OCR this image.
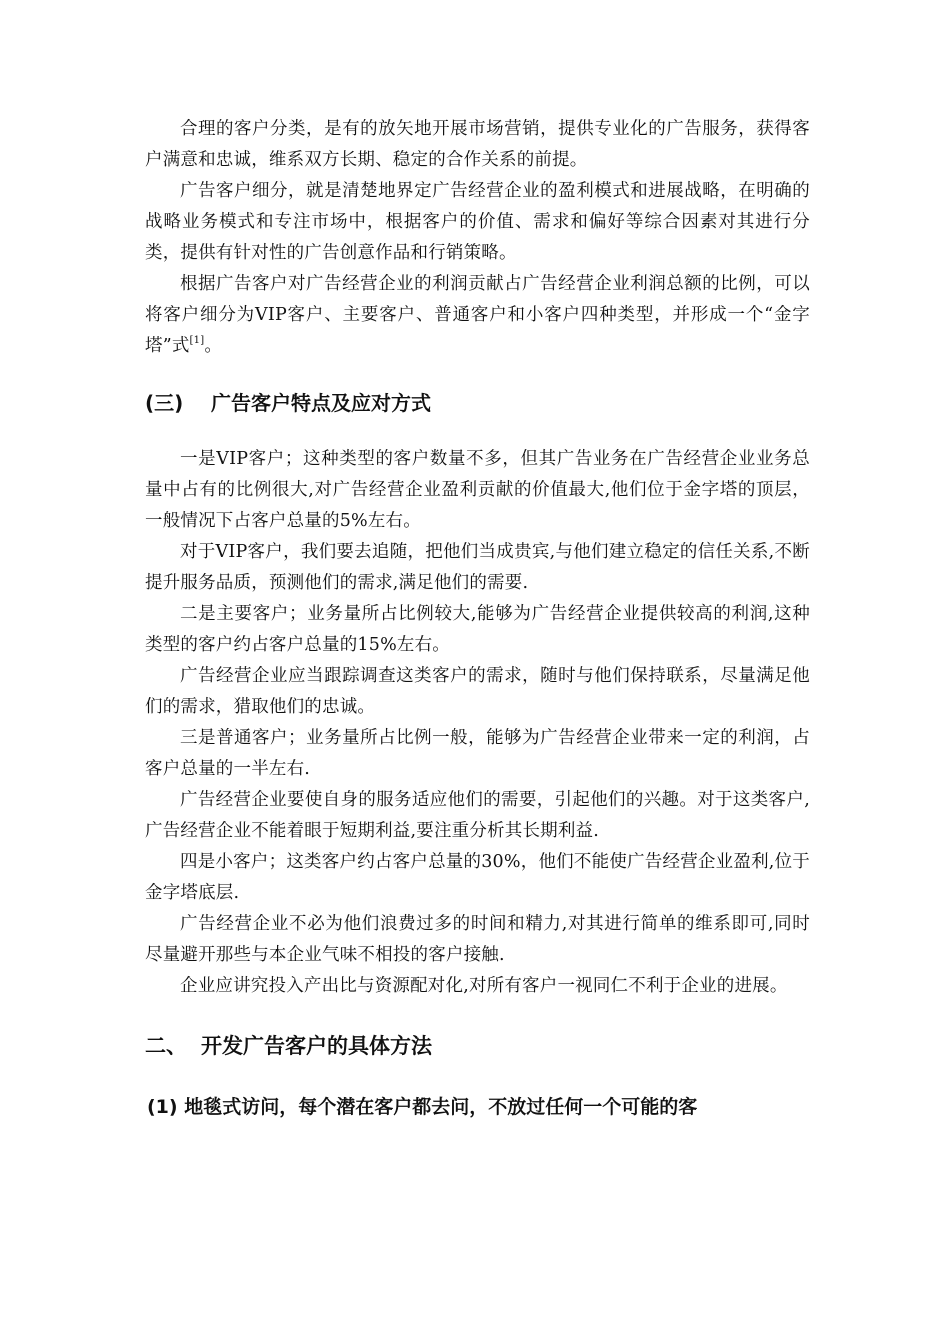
合理的客户分类，是有的放矢地开展市场营销，提供专业化的广告服务，获得客户满意和忠诚，维系双方长期、稳定的合作关系的前提。

广告客户细分，就是清楚地界定广告经营企业的盈利模式和进展战略，在明确的战略业务模式和专注市场中，根据客户的价值、需求和偏好等综合因素对其进行分类，提供有针对性的广告创意作品和行销策略。

根据广告客户对广告经营企业的利润贡献占广告经营企业利润总额的比例，可以将客户细分为VIP客户、主要客户、普通客户和小客户四种类型，并形成一个“金字塔”式[1]。

(三) 广告客户特点及应对方式

一是VIP客户；这种类型的客户数量不多，但其广告业务在广告经营企业业务总量中占有的比例很大,对广告经营企业盈利贡献的价值最大,他们位于金字塔的顶层，一般情况下占客户总量的5%左右。

对于VIP客户，我们要去追随，把他们当成贵宾,与他们建立稳定的信任关系,不断提升服务品质，预测他们的需求,满足他们的需要.

二是主要客户；业务量所占比例较大,能够为广告经营企业提供较高的利润,这种类型的客户约占客户总量的15%左右。

广告经营企业应当跟踪调查这类客户的需求，随时与他们保持联系，尽量满足他们的需求，猎取他们的忠诚。

三是普通客户；业务量所占比例一般，能够为广告经营企业带来一定的利润，占客户总量的一半左右.

广告经营企业要使自身的服务适应他们的需要，引起他们的兴趣。对于这类客户,广告经营企业不能着眼于短期利益,要注重分析其长期利益.

四是小客户；这类客户约占客户总量的30%，他们不能使广告经营企业盈利,位于金字塔底层.

广告经营企业不必为他们浪费过多的时间和精力,对其进行简单的维系即可,同时尽量避开那些与本企业气味不相投的客户接触.

企业应讲究投入产出比与资源配对化,对所有客户一视同仁不利于企业的进展。

二、 开发广告客户的具体方法
(1) 地毯式访问，每个潜在客户都去问，不放过任何一个可能的客
